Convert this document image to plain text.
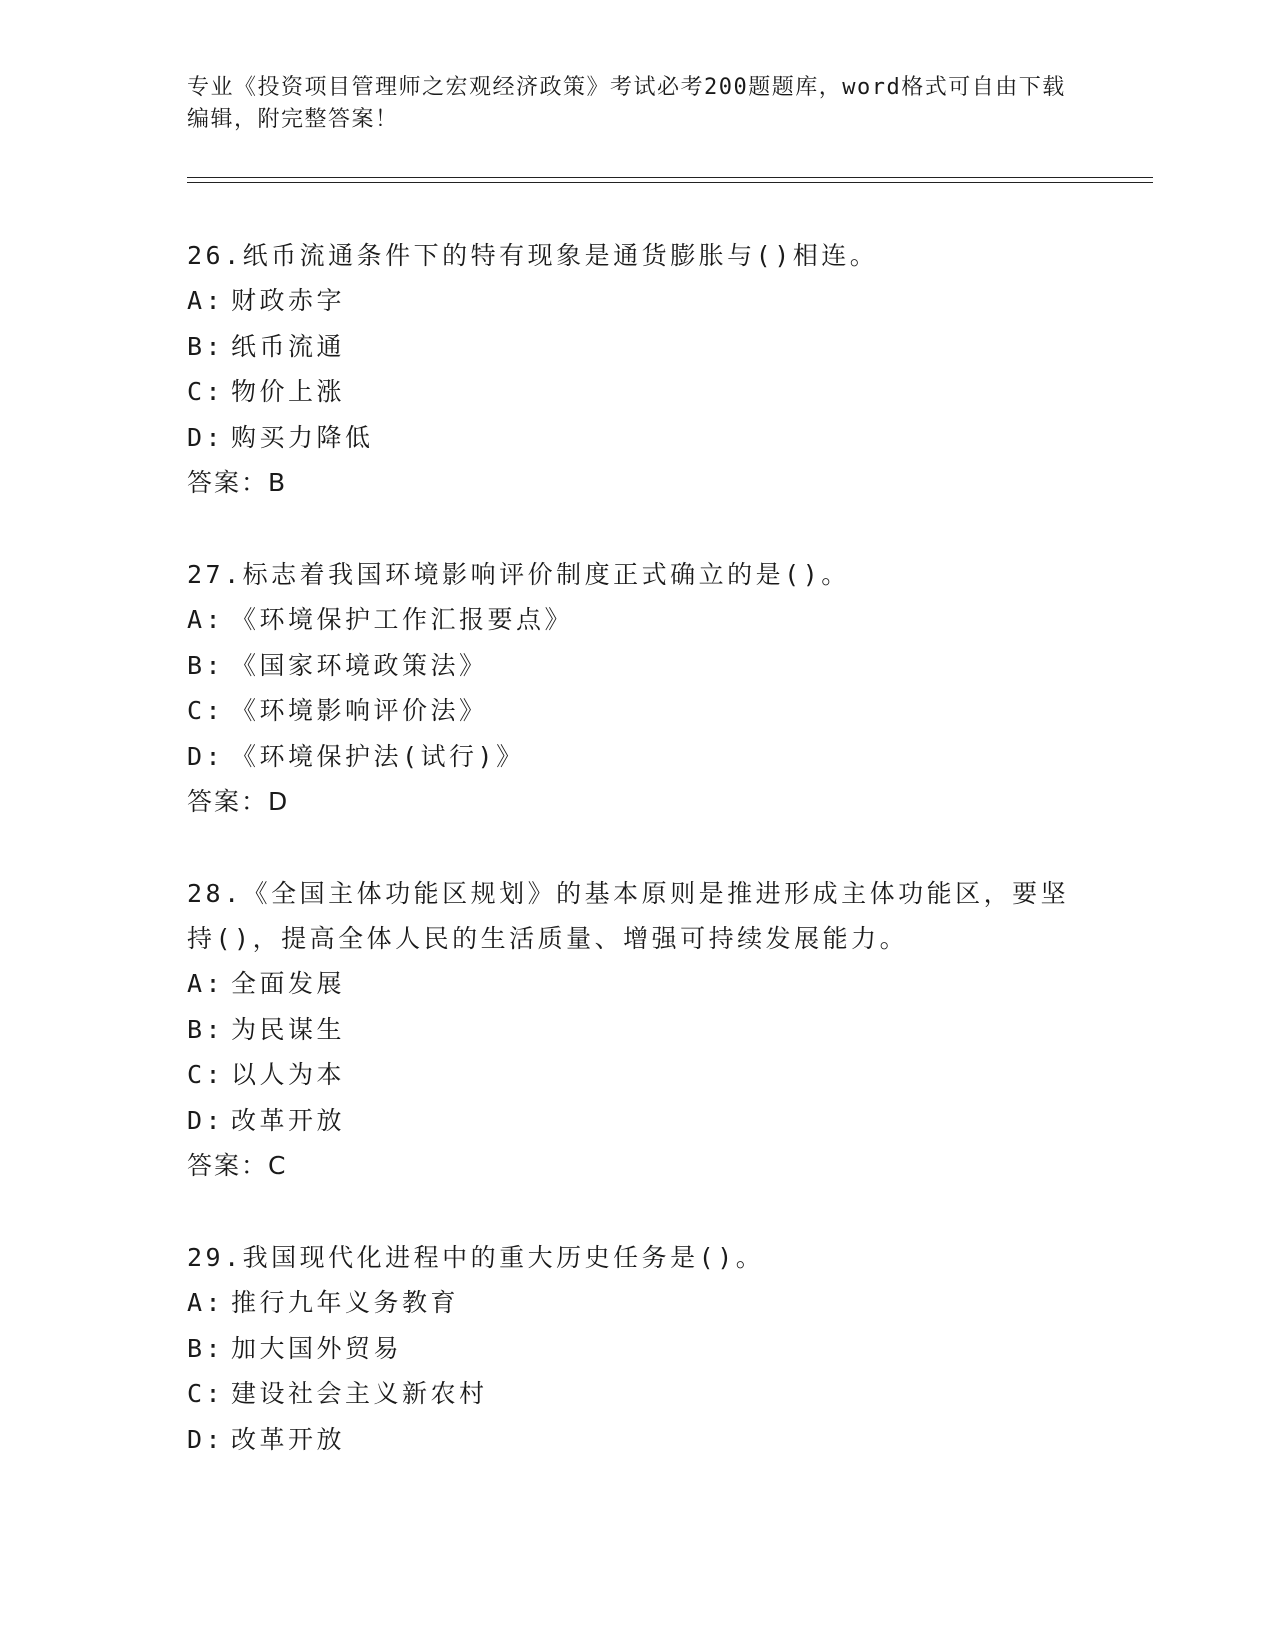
专业《投资项目管理师之宏观经济政策》考试必考200题题库，word格式可自由下载编辑，附完整答案！

26.纸币流通条件下的特有现象是通货膨胀与()相连。

A: 财政赤字

B: 纸币流通

C: 物价上涨

D: 购买力降低

答案：B

27.标志着我国环境影响评价制度正式确立的是()。

A: 《环境保护工作汇报要点》

B: 《国家环境政策法》

C: 《环境影响评价法》

D: 《环境保护法(试行)》

答案：D

28.《全国主体功能区规划》的基本原则是推进形成主体功能区，要坚持()，提高全体人民的生活质量、增强可持续发展能力。

A: 全面发展

B: 为民谋生

C: 以人为本

D: 改革开放

答案：C

29.我国现代化进程中的重大历史任务是()。

A: 推行九年义务教育

B: 加大国外贸易

C: 建设社会主义新农村

D: 改革开放
